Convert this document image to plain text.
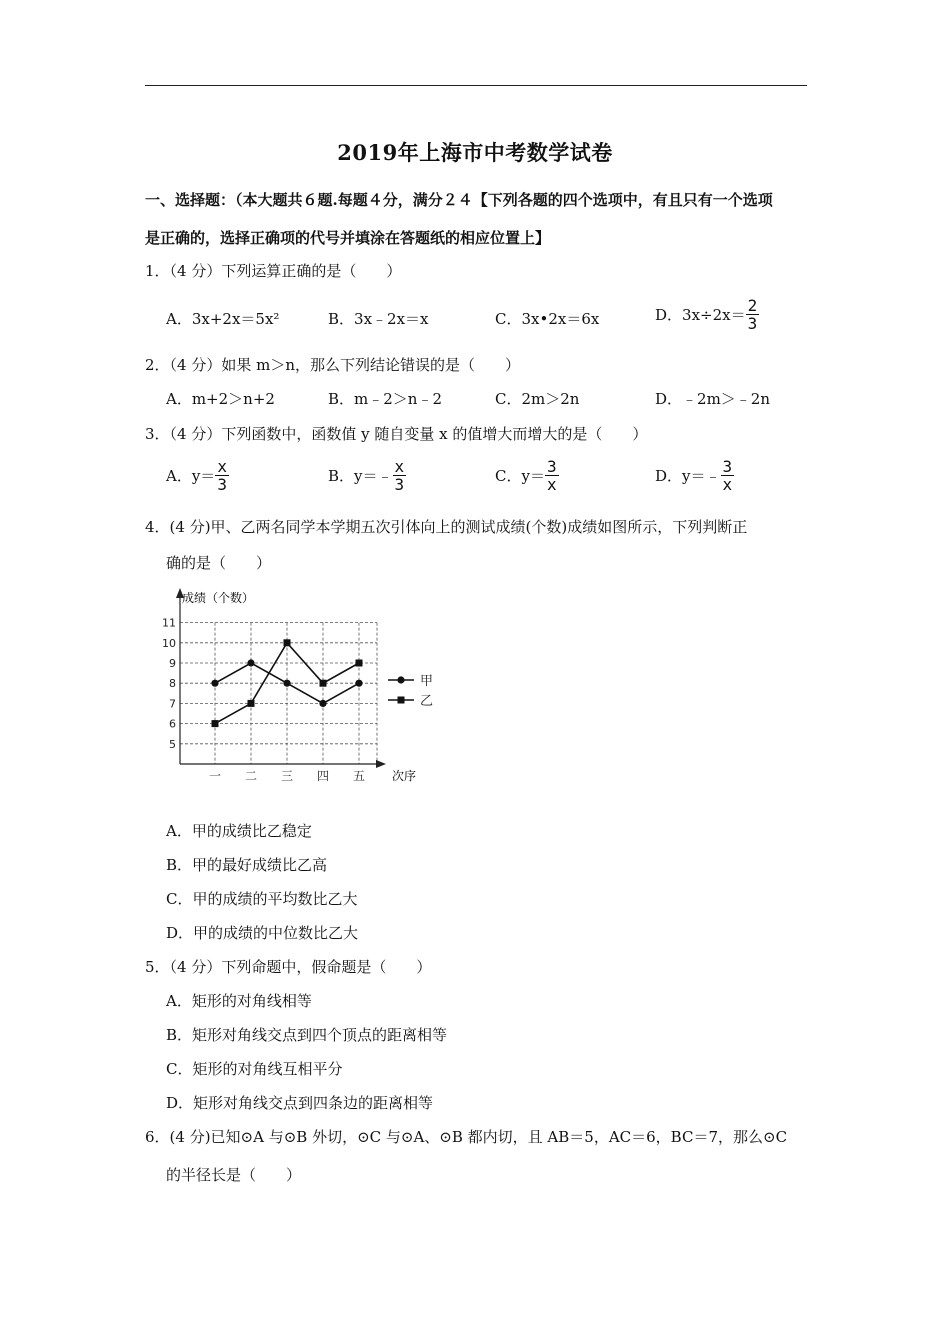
2019年上海市中考数学试卷
一、选择题：（本大题共６题.每题４分，满分２４【下列各题的四个选项中，有且只有一个选项
是正确的，选择正确项的代号并填涂在答题纸的相应位置上】
1．（4 分）下列运算正确的是（　　）
A．3x+2x＝5x²	B．3x﹣2x＝x	C．3x•2x＝6x	D．$3x\div 2x= \frac{2}{3}$
2．（4 分）如果 m＞n，那么下列结论错误的是（　　）
A．m+2＞n+2	B．m﹣2＞n﹣2	C．2m＞2n	D．﹣2m＞﹣2n
3．（4 分）下列函数中，函数值 y 随自变量 x 的值增大而增大的是（　　）
A．$y= \frac{x}{3}$	B．y＝﹣ $\frac{x}{3}$	C．$y= \frac{3}{x}$	D．y＝﹣ $\frac{3}{x}$
4．(4 分)甲、乙两名同学本学期五次引体向上的测试成绩(个数)成绩如图所示，下列判断正
确的是（　　）
5
6
7
8
9
10
11
一 二 三 四 五
甲
乙
成绩（个数）
次序
A．甲的成绩比乙稳定
B．甲的最好成绩比乙高
C．甲的成绩的平均数比乙大
D．甲的成绩的中位数比乙大
5．（4 分）下列命题中，假命题是（　　）
A．矩形的对角线相等
B．矩形对角线交点到四个顶点的距离相等
C．矩形的对角线互相平分
D．矩形对角线交点到四条边的距离相等
6．(4 分)已知⊙A 与⊙B 外切，⊙C 与⊙A、⊙B 都内切，且 AB＝5，AC＝6，BC＝7，那么⊙C
的半径长是（　　）
